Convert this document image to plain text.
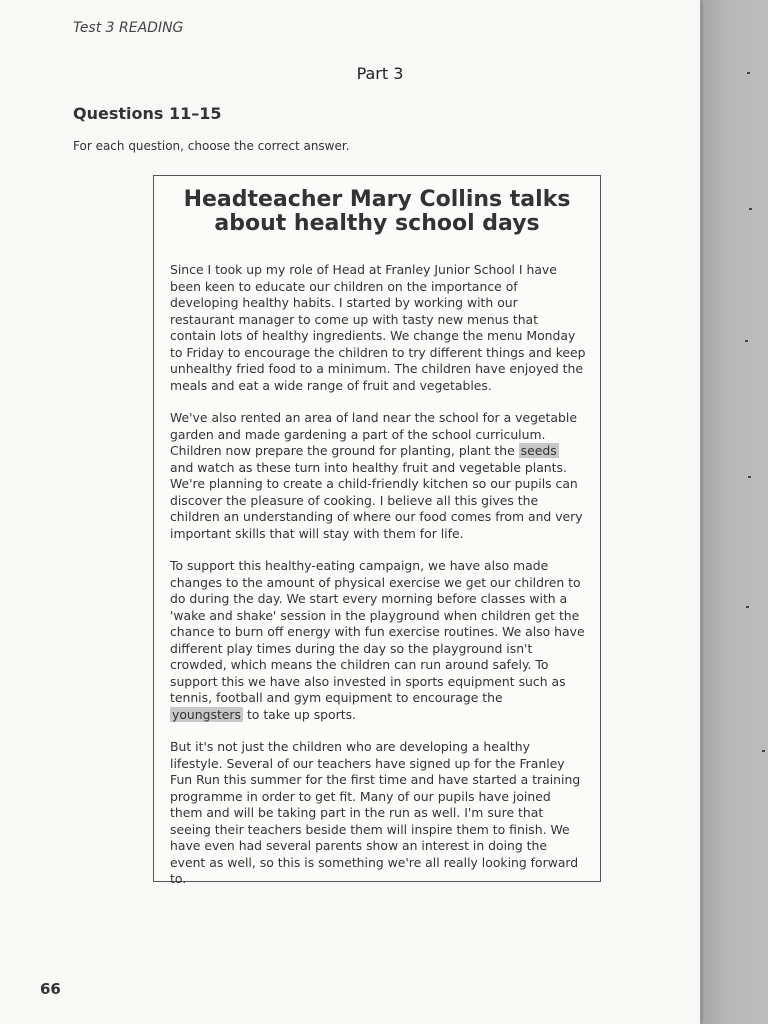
Test 3 READING
Part 3
Questions 11–15
For each question, choose the correct answer.
Headteacher Mary Collins talks
about healthy school days

Since I took up my role of Head at Franley Junior School I have been keen to educate our children on the importance of developing healthy habits. I started by working with our restaurant manager to come up with tasty new menus that contain lots of healthy ingredients. We change the menu Monday to Friday to encourage the children to try different things and keep unhealthy fried food to a minimum. The children have enjoyed the meals and eat a wide range of fruit and vegetables.

We've also rented an area of land near the school for a vegetable garden and made gardening a part of the school curriculum. Children now prepare the ground for planting, plant the seeds
and watch as these turn into healthy fruit and vegetable plants. We're planning to create a child-friendly kitchen so our pupils can discover the pleasure of cooking. I believe all this gives the children an understanding of where our food comes from and very important skills that will stay with them for life.

To support this healthy-eating campaign, we have also made changes to the amount of physical exercise we get our children to do during the day. We start every morning before classes with a 'wake and shake' session in the playground when children get the chance to burn off energy with fun exercise routines. We also have different play times during the day so the playground isn't crowded, which means the children can run around safely. To support this we have also invested in sports equipment such as tennis, football and gym equipment to encourage the
youngsters to take up sports.

But it's not just the children who are developing a healthy lifestyle. Several of our teachers have signed up for the Franley Fun Run this summer for the first time and have started a training programme in order to get fit. Many of our pupils have joined them and will be taking part in the run as well. I'm sure that seeing their teachers beside them will inspire them to finish. We have even had several parents show an interest in doing the event as well, so this is something we're all really looking forward to.

66
